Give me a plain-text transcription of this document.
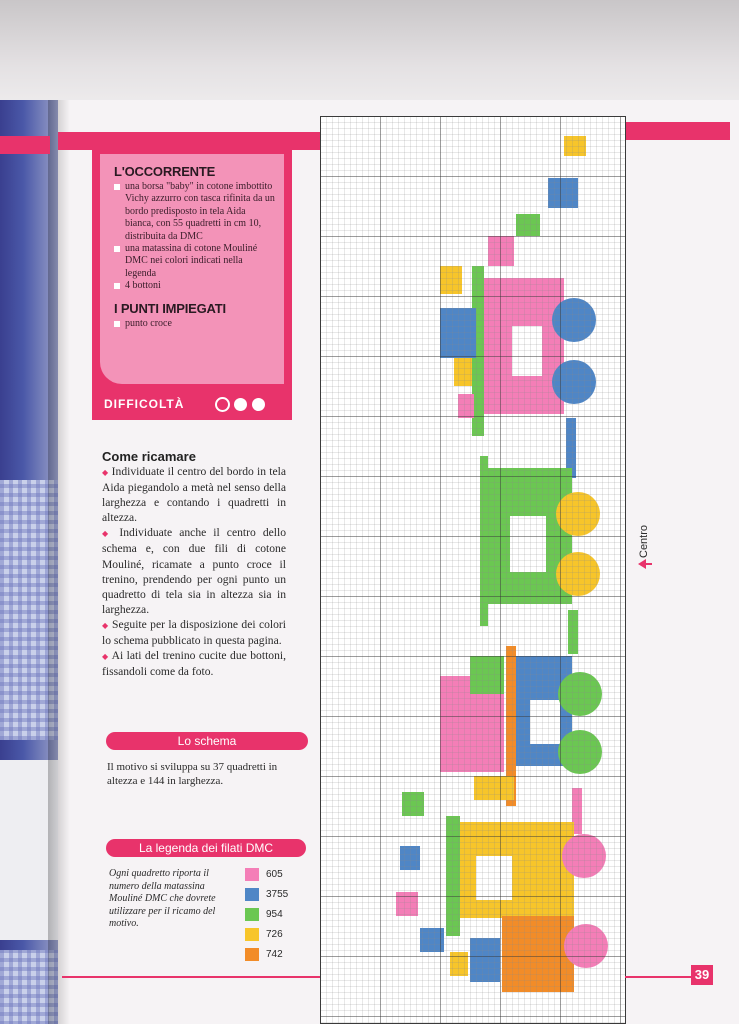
L'OCCORRENTE
una borsa "baby" in cotone imbottito Vichy azzurro con tasca rifinita da un bordo predisposto in tela Aida bianca, con 55 quadretti in cm 10, distribuita da DMC
una matassina di cotone Mouliné DMC nei colori indicati nella legenda
4 bottoni
I PUNTI IMPIEGATI
punto croce
DIFFICOLTÀ
Come ricamare

◆ Individuate il centro del bordo in tela Aida piegandolo a metà nel senso della larghezza e contando i quadretti in altezza.
◆ Individuate anche il centro dello schema e, con due fili di cotone Mouliné, ricamate a punto croce il trenino, prendendo per ogni punto un quadretto di tela sia in altezza sia in larghezza.
◆ Seguite per la disposizione dei colori lo schema pubblicato in questa pagina.
◆ Ai lati del trenino cucite due bottoni, fissandoli come da foto.

Lo schema
Il motivo si sviluppa su 37 quadretti in altezza e 144 in larghezza.
La legenda dei filati DMC
Ogni quadretto riporta il numero della matassina Mouliné DMC che dovrete utilizzare per il ricamo del motivo.
605
3755
954
726
742
Centro
39
